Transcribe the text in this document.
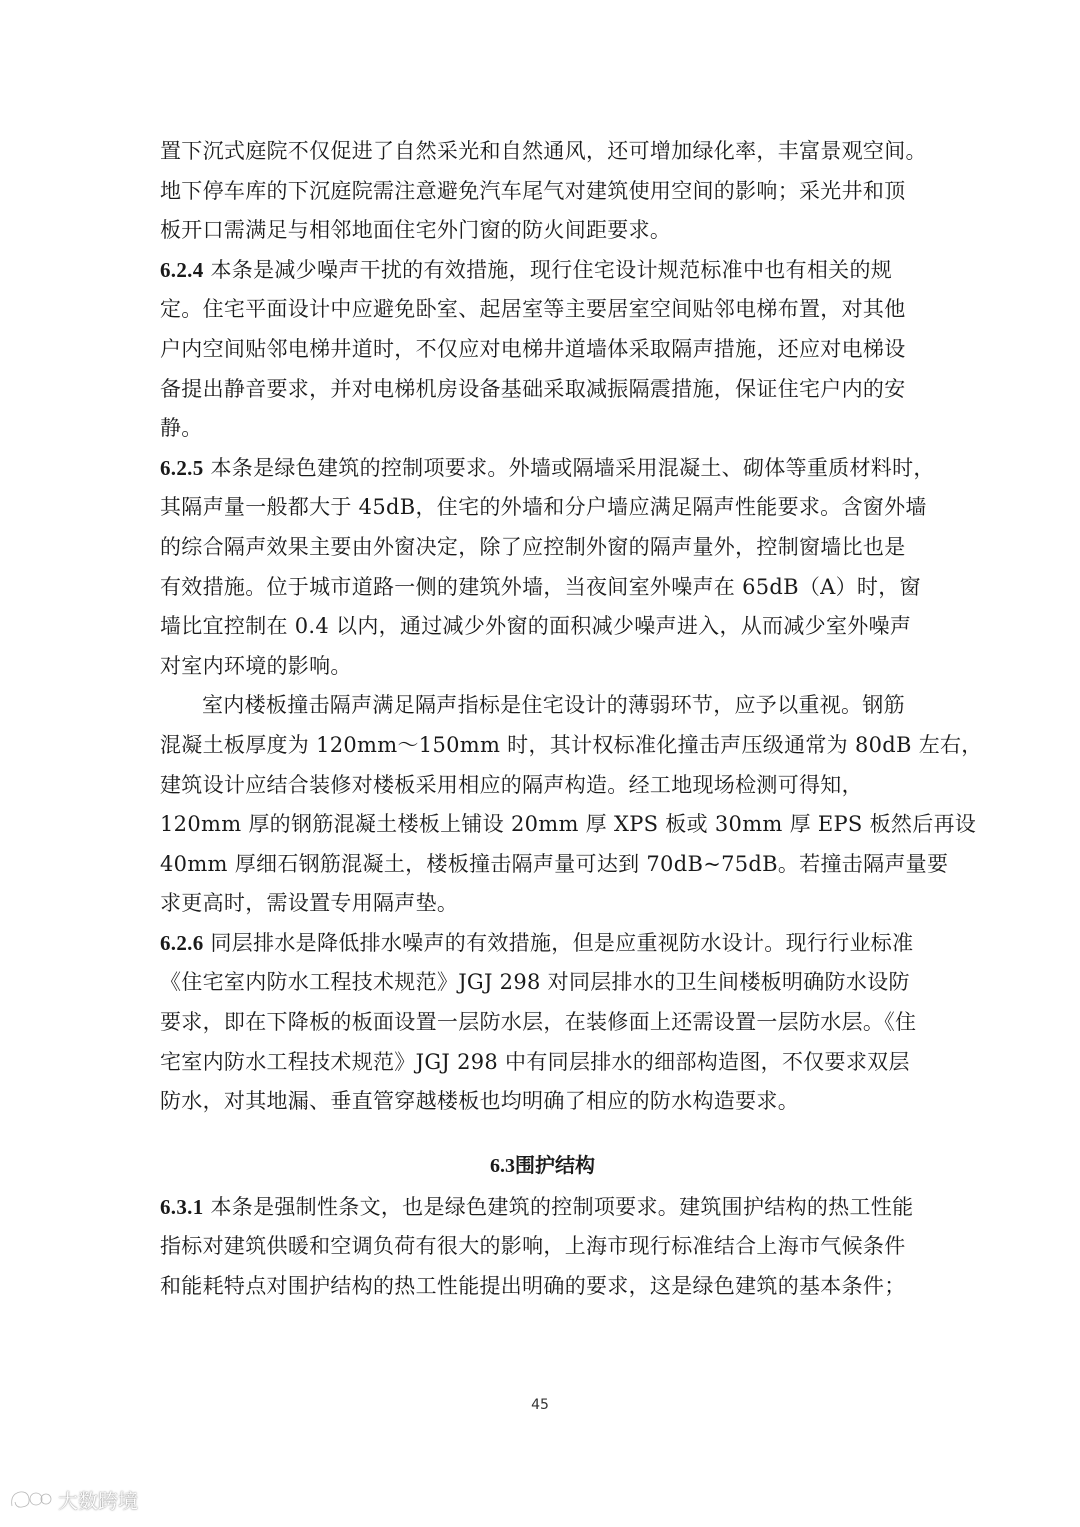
置下沉式庭院不仅促进了自然采光和自然通风，还可增加绿化率，丰富景观空间。
地下停车库的下沉庭院需注意避免汽车尾气对建筑使用空间的影响；采光井和顶
板开口需满足与相邻地面住宅外门窗的防火间距要求。
6.2.4 本条是减少噪声干扰的有效措施，现行住宅设计规范标准中也有相关的规
定。住宅平面设计中应避免卧室、起居室等主要居室空间贴邻电梯布置，对其他
户内空间贴邻电梯井道时，不仅应对电梯井道墙体采取隔声措施，还应对电梯设
备提出静音要求，并对电梯机房设备基础采取减振隔震措施，保证住宅户内的安
静。
6.2.5 本条是绿色建筑的控制项要求。外墙或隔墙采用混凝土、砌体等重质材料时，
其隔声量一般都大于 45dB，住宅的外墙和分户墙应满足隔声性能要求。含窗外墙
的综合隔声效果主要由外窗决定，除了应控制外窗的隔声量外，控制窗墙比也是
有效措施。位于城市道路一侧的建筑外墙，当夜间室外噪声在 65dB（A）时，窗
墙比宜控制在 0.4 以内，通过减少外窗的面积减少噪声进入，从而减少室外噪声
对室内环境的影响。
室内楼板撞击隔声满足隔声指标是住宅设计的薄弱环节，应予以重视。钢筋
混凝土板厚度为 120mm～150mm 时，其计权标准化撞击声压级通常为 80dB 左右，
建筑设计应结合装修对楼板采用相应的隔声构造。经工地现场检测可得知，
120mm 厚的钢筋混凝土楼板上铺设 20mm 厚 XPS 板或 30mm 厚 EPS 板然后再设
40mm 厚细石钢筋混凝土，楼板撞击隔声量可达到 70dB~75dB。若撞击隔声量要
求更高时，需设置专用隔声垫。
6.2.6 同层排水是降低排水噪声的有效措施，但是应重视防水设计。现行行业标准
《住宅室内防水工程技术规范》JGJ 298 对同层排水的卫生间楼板明确防水设防
要求，即在下降板的板面设置一层防水层，在装修面上还需设置一层防水层。《住
宅室内防水工程技术规范》JGJ 298 中有同层排水的细部构造图，不仅要求双层
防水，对其地漏、垂直管穿越楼板也均明确了相应的防水构造要求。
6.3围护结构
6.3.1 本条是强制性条文，也是绿色建筑的控制项要求。建筑围护结构的热工性能
指标对建筑供暖和空调负荷有很大的影响，上海市现行标准结合上海市气候条件
和能耗特点对围护结构的热工性能提出明确的要求，这是绿色建筑的基本条件；
45
大数跨境
